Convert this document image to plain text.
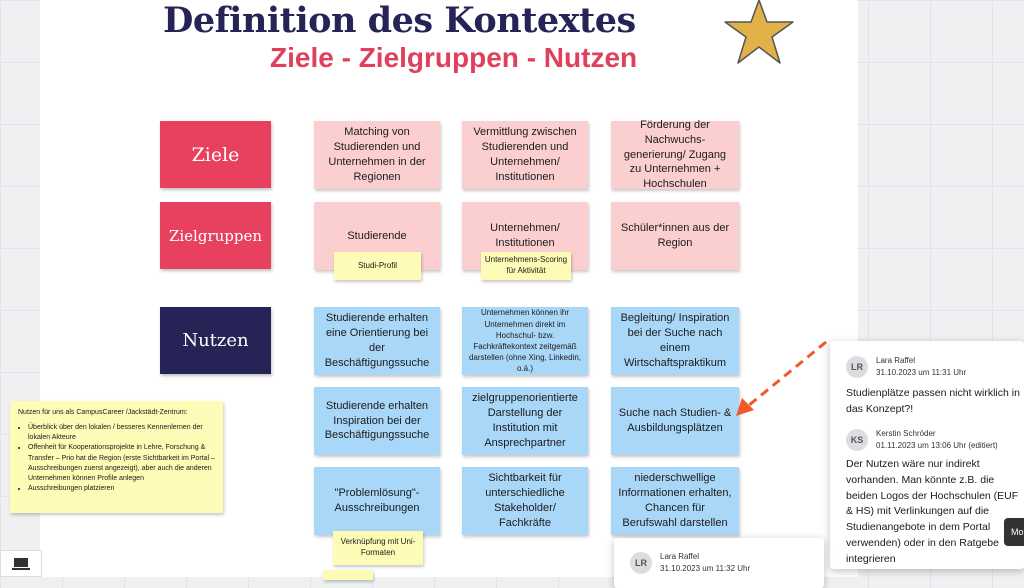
Definition des Kontextes
Ziele - Zielgruppen - Nutzen
Ziele
Zielgruppen
Nutzen
Matching von Studierenden und Unternehmen in der Regionen
Vermittlung zwischen Studierenden und Unternehmen/ Institutionen
Förderung der Nachwuchs-generierung/ Zugang zu Unternehmen + Hochschulen
Studierende
Unternehmen/ Institutionen
Schüler*innen aus der Region
Studi-Profil
Unternehmens-Scoring für Aktivität
Studierende erhalten eine Orientierung bei der Beschäftigungssuche
Unternehmen können ihr Unternehmen direkt im Hochschul- bzw. Fachkräftekontext zeitgemäß darstellen (ohne Xing, Linkedin, o.ä.)
Begleitung/ Inspiration bei der Suche nach einem Wirtschaftspraktikum
Studierende erhalten Inspiration bei der Beschäftigungssuche
zielgruppenorientierte Darstellung der Institution mit Ansprechpartner
Suche nach Studien- & Ausbildungsplätzen
"Problemlösung"- Ausschreibungen
Sichtbarkeit für unterschiedliche Stakeholder/ Fachkräfte
niederschwellige Informationen erhalten, Chancen für Berufswahl darstellen
Verknüpfung mit Uni-Formaten
Nutzen für uns als CampusCareer /Jackstädt-Zentrum:
• Überblick über den lokalen / besseres Kennenlernen der lokalen Akteure
• Offenheit für Kooperationsprojekte in Lehre, Forschung & Transfer – Prio hat die Region (erste Sichtbarkeit im Portal – Ausschreibungen zuerst angezeigt), aber auch die anderen Unternehmen können Profile anlegen
• Ausschreibungen platzieren
LR
Lara Raffel
31.10.2023 um 11:31 Uhr
Studienplätze passen nicht wirklich in das Konzept?!
KS
Kerstin Schröder
01.11.2023 um 13:06 Uhr (editiert)
Der Nutzen wäre nur indirekt vorhanden. Man könnte z.B. die beiden Logos der Hochschulen (EUF & HS) mit Verlinkungen auf die Studienangebote in dem Portal verwenden) oder in den Ratgebe integrieren
Mo
LR
Lara Raffel
31.10.2023 um 11:32 Uhr
